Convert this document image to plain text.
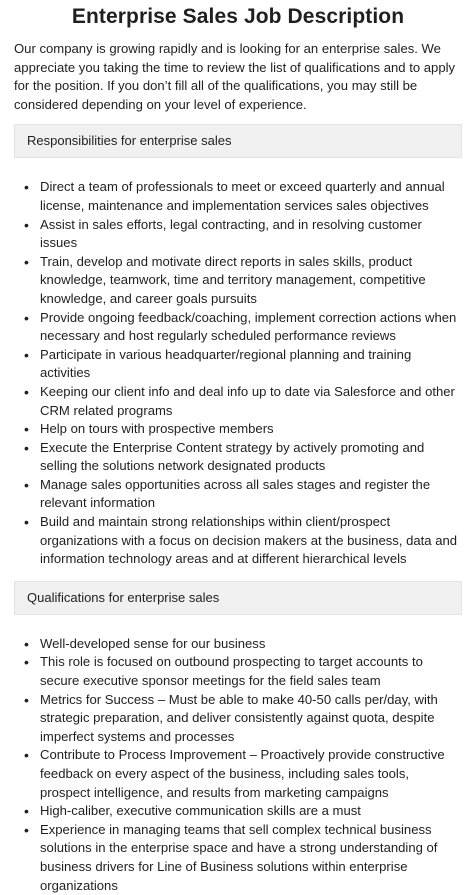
Enterprise Sales Job Description

Our company is growing rapidly and is looking for an enterprise sales. We appreciate you taking the time to review the list of qualifications and to apply for the position. If you don’t fill all of the qualifications, you may still be considered depending on your level of experience.

Responsibilities for enterprise sales
• Direct a team of professionals to meet or exceed quarterly and annual license, maintenance and implementation services sales objectives
• Assist in sales efforts, legal contracting, and in resolving customer issues
• Train, develop and motivate direct reports in sales skills, product knowledge, teamwork, time and territory management, competitive knowledge, and career goals pursuits
• Provide ongoing feedback/coaching, implement correction actions when necessary and host regularly scheduled performance reviews
• Participate in various headquarter/regional planning and training activities
• Keeping our client info and deal info up to date via Salesforce and other CRM related programs
• Help on tours with prospective members
• Execute the Enterprise Content strategy by actively promoting and selling the solutions network designated products
• Manage sales opportunities across all sales stages and register the relevant information
• Build and maintain strong relationships within client/prospect organizations with a focus on decision makers at the business, data and information technology areas and at different hierarchical levels
Qualifications for enterprise sales
• Well-developed sense for our business
• This role is focused on outbound prospecting to target accounts to secure executive sponsor meetings for the field sales team
• Metrics for Success – Must be able to make 40-50 calls per/day, with strategic preparation, and deliver consistently against quota, despite imperfect systems and processes
• Contribute to Process Improvement – Proactively provide constructive feedback on every aspect of the business, including sales tools, prospect intelligence, and results from marketing campaigns
• High-caliber, executive communication skills are a must
• Experience in managing teams that sell complex technical business solutions in the enterprise space and have a strong understanding of business drivers for Line of Business solutions within enterprise organizations
